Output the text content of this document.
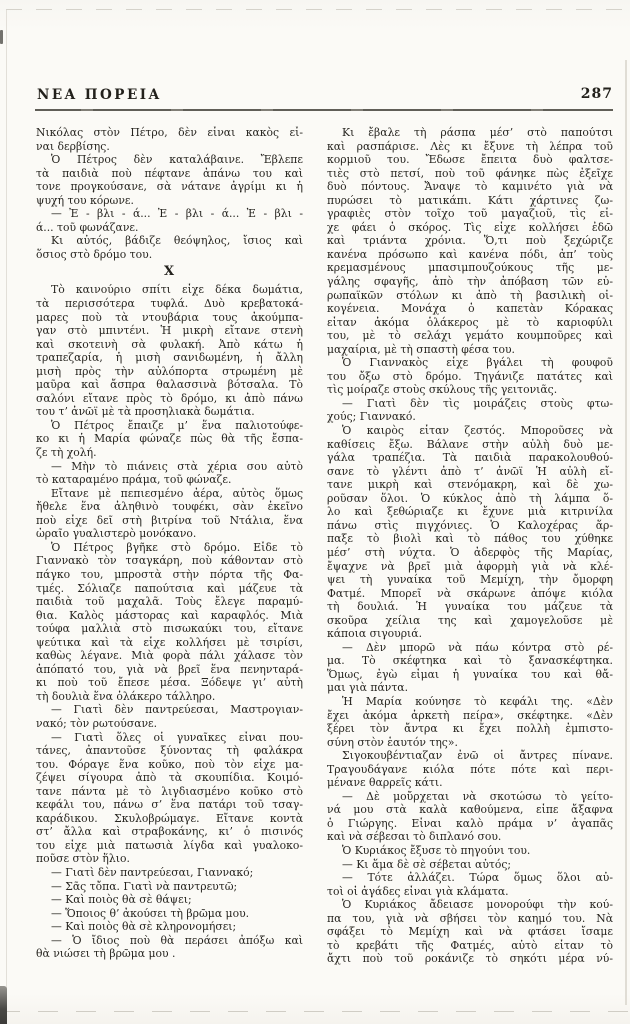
ΝΕΑ ΠΟΡΕΙΑ	287
Νικόλας στὸν Πέτρο, δὲν εἶναι κακὸς εἶ-
ναι δερβίσης.
Ὁ Πέτρος δὲν καταλάβαινε. Ἔβλεπε
τὰ παιδιὰ ποὺ πέφτανε ἀπάνω του καὶ
τονε προγκούσανε, σὰ νάτανε ἀγρίμι κι ἡ
ψυχή του κόρωνε.
— Ἐ - βλι - ά... Ἐ - βλι - ά... Ἐ - βλι -
ά... τοῦ φωνάζανε.
Κι αὐτός, βάδιζε θεόψηλος, ἴσιος καὶ
ὅσιος στὸ δρόμο του.
X
Τὸ καινούριο σπίτι εἶχε δέκα δωμάτια,
τὰ περισσότερα τυφλά. Δυὸ κρεβατοκά-
μαρες ποὺ τὰ ντουβάρια τους ἀκούμπα-
γαν στὸ μπιντένι. Ἡ μικρὴ εἴτανε στενὴ
καὶ σκοτεινὴ σὰ φυλακή. Ἀπὸ κάτω ἡ
τραπεζαρία, ἡ μισὴ σανιδωμένη, ἡ ἄλλη
μισὴ πρὸς τὴν αὐλόπορτα στρωμένη μὲ
μαῦρα καὶ ἄσπρα θαλασσινὰ βότσαλα. Τὸ
σαλόνι εἴτανε πρὸς τὸ δρόμο, κι ἀπὸ πάνω
του τ’ ἀνῶϊ μὲ τὰ προσηλιακὰ δωμάτια.
Ὁ Πέτρος ἔπαιζε μ’ ἕνα παλιοτούφε-
κο κι ἡ Μαρία φώναζε πὼς θὰ τῆς ἔσπα-
ζε τὴ χολή.
— Μὴν τὸ πιάνεις στὰ χέρια σου αὐτὸ
τὸ καταραμένο πράμα, τοῦ φώναζε.
Εἴτανε μὲ πεπιεσμένο ἀέρα, αὐτὸς ὅμως
ἤθελε ἕνα ἀληθινὸ τουφέκι, σὰν ἐκεῖνο
ποὺ εἶχε δεῖ στὴ βιτρίνα τοῦ Ντάλια, ἕνα
ὡραῖο γυαλιστερὸ μονόκανο.
Ὁ Πέτρος βγῆκε στὸ δρόμο. Εἶδε τὸ
Γιαννακὸ τὸν τσαγκάρη, ποὺ κάθονταν στὸ
πάγκο του, μπροστὰ στὴν πόρτα τῆς Φα-
τμές. Σόλιαζε παπούτσια καὶ μάζευε τὰ
παιδιὰ τοῦ μαχαλᾶ. Τοὺς ἔλεγε παραμύ-
θια. Καλὸς μάστορας καὶ καραφλός. Μιὰ
τούφα μαλλιὰ στὸ πισωκαύκι του, εἴτανε
ψεύτικα καὶ τὰ εἶχε κολλήσει μὲ τσιρίσι,
καθὼς λέγανε. Μιὰ φορὰ πάλι χάλασε τὸν
ἀπόπατό του, γιὰ νὰ βρεῖ ἕνα πενηνταρά-
κι ποὺ τοῦ ἔπεσε μέσα. Ξόδεψε γι’ αὐτὴ
τὴ δουλιὰ ἕνα ὁλάκερο τάλληρο.
— Γιατὶ δὲν παντρεύεσαι, Μαστρογιαν-
νακό; τὸν ρωτούσανε.
— Γιατὶ ὅλες οἱ γυναῖκες εἶναι που-
τάνες, ἀπαντοῦσε ξύνοντας τὴ φαλάκρα
του. Φόραγε ἕνα κοῦκο, ποὺ τὸν εἶχε μα-
ζέψει σίγουρα ἀπὸ τὰ σκουπίδια. Κοιμό-
τανε πάντα μὲ τὸ λιγδιασμένο κοῦκο στὸ
κεφάλι του, πάνω σ’ ἕνα πατάρι τοῦ τσαγ-
καράδικου. Σκυλοβρώμαγε. Εἴτανε κοντὰ
στ’ ἄλλα καὶ στραβοκάνης, κι’ ὁ πισινός
του εἶχε μιὰ πατωσιὰ λίγδα καὶ γυαλοκο-
ποῦσε στὸν ἥλιο.
— Γιατὶ δὲν παντρεύεσαι, Γιαννακό;
— Σᾶς τὄπα. Γιατὶ νὰ παντρευτῶ;
— Καὶ ποιὸς θὰ σὲ θάψει;
— Ὅποιος θ’ ἀκούσει τὴ βρῶμα μου.
— Καὶ ποιὸς θὰ σὲ κληρονομήσει;
— Ὁ ἴδιος ποὺ θὰ περάσει ἀπόξω καὶ
θὰ νιώσει τὴ βρῶμα μου .
Κι ἔβαλε τὴ ράσπα μέσ’ στὸ παπούτσι
καὶ ρασπάρισε. Λὲς κι ἔξυνε τὴ λέπρα τοῦ
κορμιοῦ του. Ἔδωσε ἔπειτα δυὸ φαλτσε-
τιὲς στὸ πετσί, ποὺ τοῦ φάνηκε πὼς ἐξεῖχε
δυὸ πόντους. Ἄναψε τὸ καμινέτο γιὰ νὰ
πυρώσει τὸ ματικάπι. Κάτι χάρτινες ζω-
γραφιὲς στὸν τοῖχο τοῦ μαγαζιοῦ, τὶς εἶ-
χε φάει ὁ σκόρος. Τὶς εἶχε κολλήσει ἐδῶ
καὶ τριάντα χρόνια. Ὅ,τι ποὺ ξεχώριζε
κανένα πρόσωπο καὶ κανένα πόδι, ἀπ’ τοὺς
κρεμασμένους μπασιμπουζούκους τῆς με-
γάλης σφαγῆς, ἀπὸ τὴν ἀπόβαση τῶν εὐ-
ρωπαϊκῶν στόλων κι ἀπὸ τὴ βασιλικὴ οἰ-
κογένεια. Μονάχα ὁ καπετὰν Κόρακας
εἶταν ἀκόμα ὁλάκερος μὲ τὸ καριοφύλι
του, μὲ τὸ σελάχι γεμάτο κουμποῦρες καὶ
μαχαίρια, μὲ τὴ σπαστὴ φέσα του.
Ὁ Γιαννακὸς εἶχε βγάλει τὴ φουφοῦ
του ὄξω στὸ δρόμο. Τηγάνιζε πατάτες καὶ
τὶς μοίραζε στοὺς σκύλους τῆς γειτονιᾶς.
— Γιατὶ δὲν τὶς μοιράζεις στοὺς φτω-
χούς; Γιαννακό.
Ὁ καιρὸς εἶταν ζεστός. Μποροῦσες νὰ
καθίσεις ἔξω. Βάλανε στὴν αὐλὴ δυὸ με-
γάλα τραπέζια. Τὰ παιδιὰ παρακολουθού-
σανε τὸ γλέντι ἀπὸ τ’ ἀνῶϊ Ἡ αὐλὴ εἴ-
τανε μικρὴ καὶ στενόμακρη, καὶ δὲ χω-
ροῦσαν ὅλοι. Ὁ κύκλος ἀπὸ τὴ λάμπα ὅ-
λο καὶ ξεθώριαζε κι ἔχυνε μιὰ κιτρινίλα
πάνω στὶς πιγχόνιες. Ὁ Καλοχέρας ἅρ-
παξε τὸ βιολὶ καὶ τὸ πάθος του χύθηκε
μέσ’ στὴ νύχτα. Ὁ ἀδερφὸς τῆς Μαρίας,
ἔψαχνε νὰ βρεῖ μιὰ ἀφορμὴ γιὰ νὰ κλέ-
ψει τὴ γυναίκα τοῦ Μεμίχη, τὴν ὄμορφη
Φατμέ. Μπορεῖ νὰ σκάρωνε ἀπόψε κιόλα
τὴ δουλιά. Ἡ γυναίκα του μάζευε τὰ
σκοῦρα χείλια της καὶ χαμογελοῦσε μὲ
κάποια σιγουριά.
— Δὲν μπορῶ νὰ πάω κόντρα στὸ ρέ-
μα. Τὸ σκέφτηκα καὶ τὸ ξανασκέφτηκα.
Ὅμως, ἐγὼ εἶμαι ἡ γυναίκα του καὶ θἄ-
μαι γιὰ πάντα.
Ἡ Μαρία κούνησε τὸ κεφάλι της. «Δὲν
ἔχει ἀκόμα ἀρκετὴ πείρα», σκέφτηκε. «Δὲν
ξέρει τὸν ἄντρα κι ἔχει πολλὴ ἐμπιστο-
σύνη στὸν ἑαυτόν της».
Σιγοκουβέντιαζαν ἐνῶ οἱ ἄντρες πίνανε.
Τραγουδάγανε κιόλα πότε πότε καὶ περι-
μένανε θαρρεῖς κάτι.
— Δὲ μοὔρχεται νὰ σκοτώσω τὸ γείτο-
νά μου στὰ καλὰ καθούμενα, εἶπε ἄξαφνα
ὁ Γιώργης. Εἶναι καλὸ πράμα ν’ ἀγαπᾶς
καὶ νὰ σέβεσαι τὸ διπλανό σου.
Ὁ Κυριάκος ἔξυσε τὸ πηγούνι του.
— Κι ἅμα δὲ σὲ σέβεται αὐτός;
— Τότε ἀλλάζει. Τώρα ὅμως ὅλοι αὐ-
τοὶ οἱ ἀγάδες εἶναι γιὰ κλάματα.
Ὁ Κυριάκος ἄδειασε μονορούφι τὴν κού-
πα του, γιὰ νὰ σβήσει τὸν καημό του. Νὰ
σφάξει τὸ Μεμίχη καὶ νὰ φτάσει ἴσαμε
τὸ κρεβάτι τῆς Φατμές, αὐτὸ εἶταν τὸ
ἄχτι ποὺ τοῦ ροκάνιζε τὸ σηκότι μέρα νύ-
